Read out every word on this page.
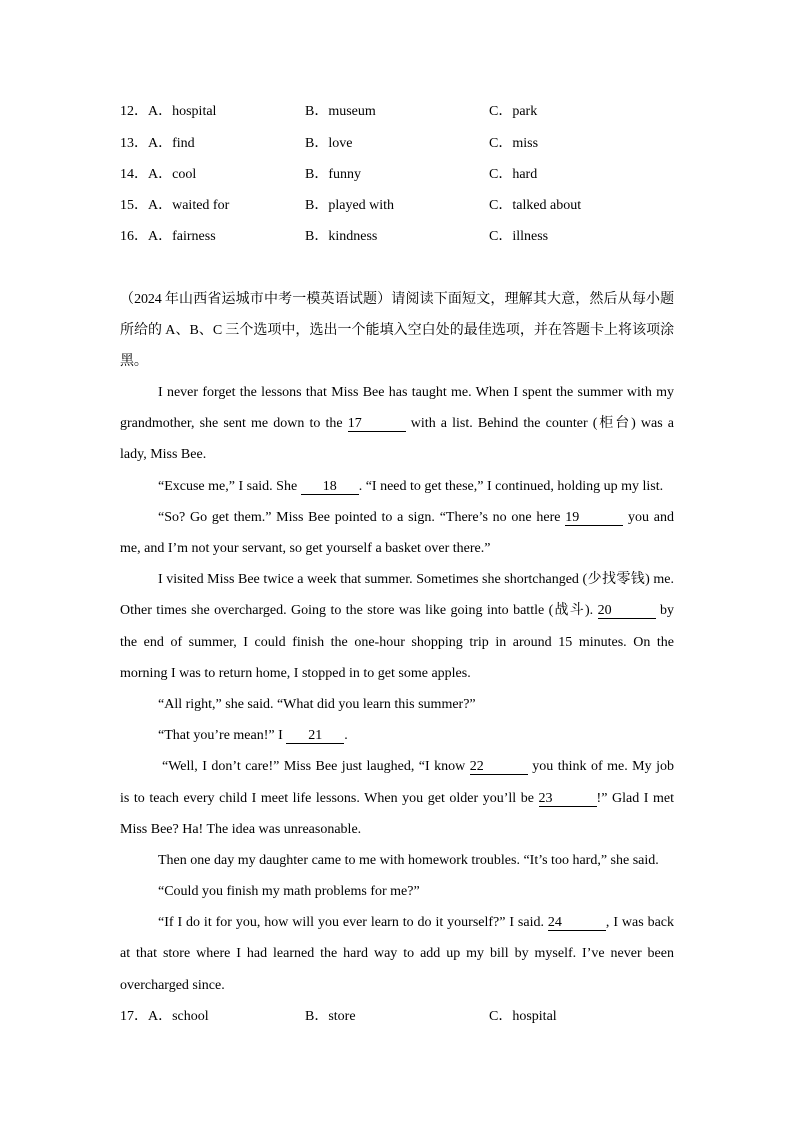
12．A．hospital	B．museum	C．park
13．A．find	B．love	C．miss
14．A．cool	B．funny	C．hard
15．A．waited for	B．played with	C．talked about
16．A．fairness	B．kindness	C．illness
（2024 年山西省运城市中考一模英语试题）请阅读下面短文，理解其大意，然后从每小题
所给的 A、B、C 三个选项中，选出一个能填入空白处的最佳选项，并在答题卡上将该项涂
黑。
I never forget the lessons that Miss Bee has taught me. When I spent the summer with my
grandmother, she sent me down to the 17	with a list. Behind the counter (柜台) was a
lady, Miss Bee.
“Excuse me,” I said. She 18 . “I need to get these,” I continued, holding up my list.
“So? Go get them.” Miss Bee pointed to a sign. “There’s no one here 19	you and
me, and I’m not your servant, so get yourself a basket over there.”
I visited Miss Bee twice a week that summer. Sometimes she shortchanged (少找零钱) me.
Other times she overcharged. Going to the store was like going into battle (战斗). 20	by
the end of summer, I could finish the one-hour shopping trip in around 15 minutes. On the
morning I was to return home, I stopped in to get some apples.
“All right,” she said. “What did you learn this summer?”
“That you’re mean!” I 21 .
“Well, I don’t care!” Miss Bee just laughed, “I know 22	you think of me. My job
is to teach every child I meet life lessons. When you get older you’ll be 23	!” Glad I met
Miss Bee? Ha! The idea was unreasonable.
Then one day my daughter came to me with homework troubles. “It’s too hard,” she said.
“Could you finish my math problems for me?”
“If I do it for you, how will you ever learn to do it yourself?” I said. 24	, I was back
at that store where I had learned the hard way to add up my bill by myself. I’ve never been
overcharged since.
17．A．school	B．store	C．hospital
